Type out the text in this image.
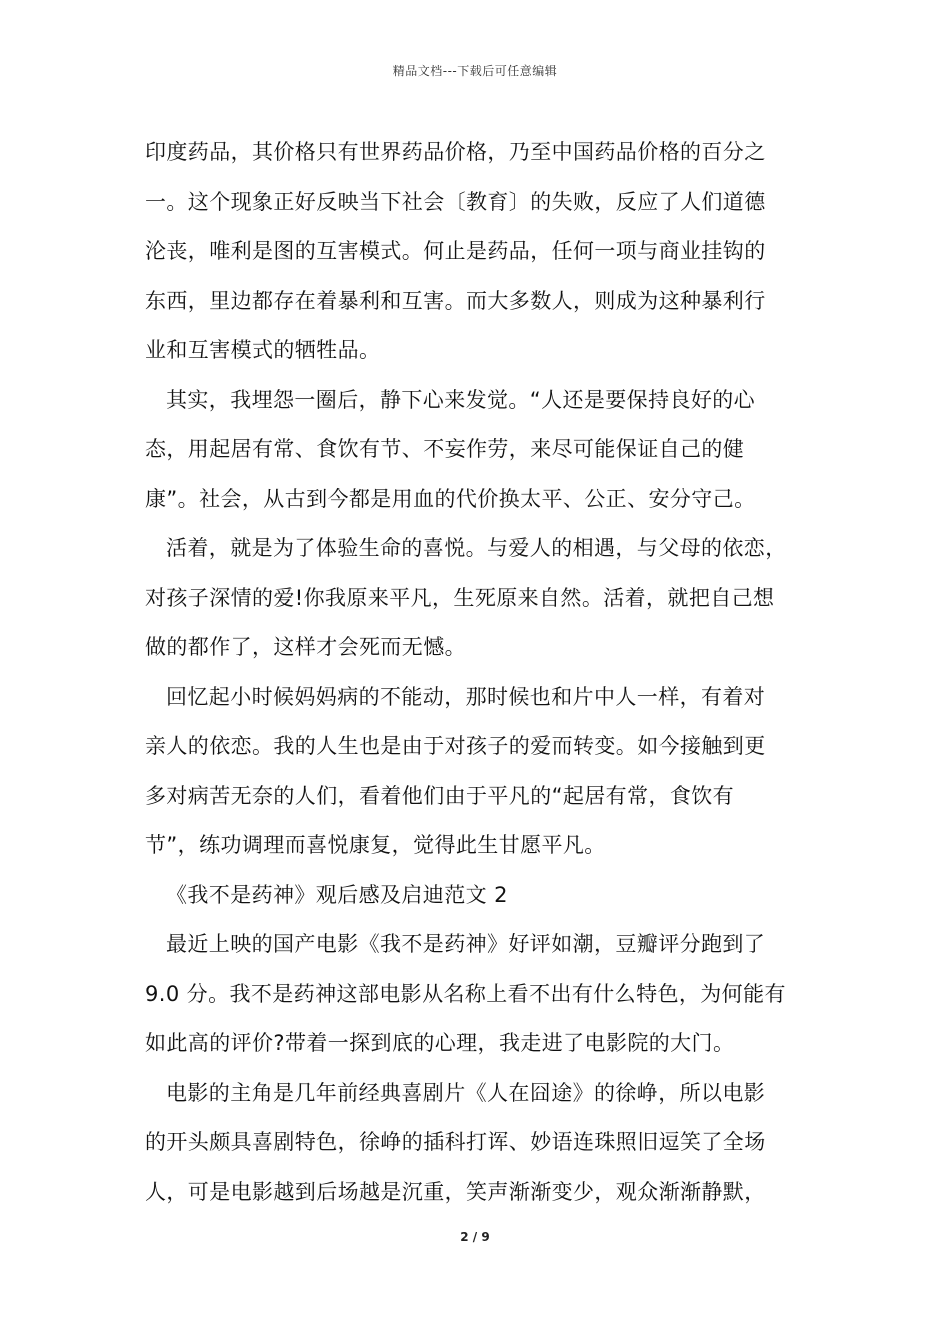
精品文档---下载后可任意编辑
印度药品，其价格只有世界药品价格，乃至中国药品价格的百分之
一。这个现象正好反映当下社会〔教育〕的失败，反应了人们道德
沦丧，唯利是图的互害模式。何止是药品，任何一项与商业挂钩的
东西，里边都存在着暴利和互害。而大多数人，则成为这种暴利行
业和互害模式的牺牲品。
其实，我埋怨一圈后，静下心来发觉。“人还是要保持良好的心
态，用起居有常、食饮有节、不妄作劳，来尽可能保证自己的健
康”。社会，从古到今都是用血的代价换太平、公正、安分守己。
活着，就是为了体验生命的喜悦。与爱人的相遇，与父母的依恋，
对孩子深情的爱!你我原来平凡，生死原来自然。活着，就把自己想
做的都作了，这样才会死而无憾。
回忆起小时候妈妈病的不能动，那时候也和片中人一样，有着对
亲人的依恋。我的人生也是由于对孩子的爱而转变。如今接触到更
多对病苦无奈的人们，看着他们由于平凡的“起居有常，食饮有
节”，练功调理而喜悦康复，觉得此生甘愿平凡。
《我不是药神》观后感及启迪范文 2
最近上映的国产电影《我不是药神》好评如潮，豆瓣评分跑到了
9.0 分。我不是药神这部电影从名称上看不出有什么特色，为何能有
如此高的评价?带着一探到底的心理，我走进了电影院的大门。
电影的主角是几年前经典喜剧片《人在囧途》的徐峥，所以电影
的开头颇具喜剧特色，徐峥的插科打诨、妙语连珠照旧逗笑了全场
人，可是电影越到后场越是沉重，笑声渐渐变少，观众渐渐静默，
2 / 9
